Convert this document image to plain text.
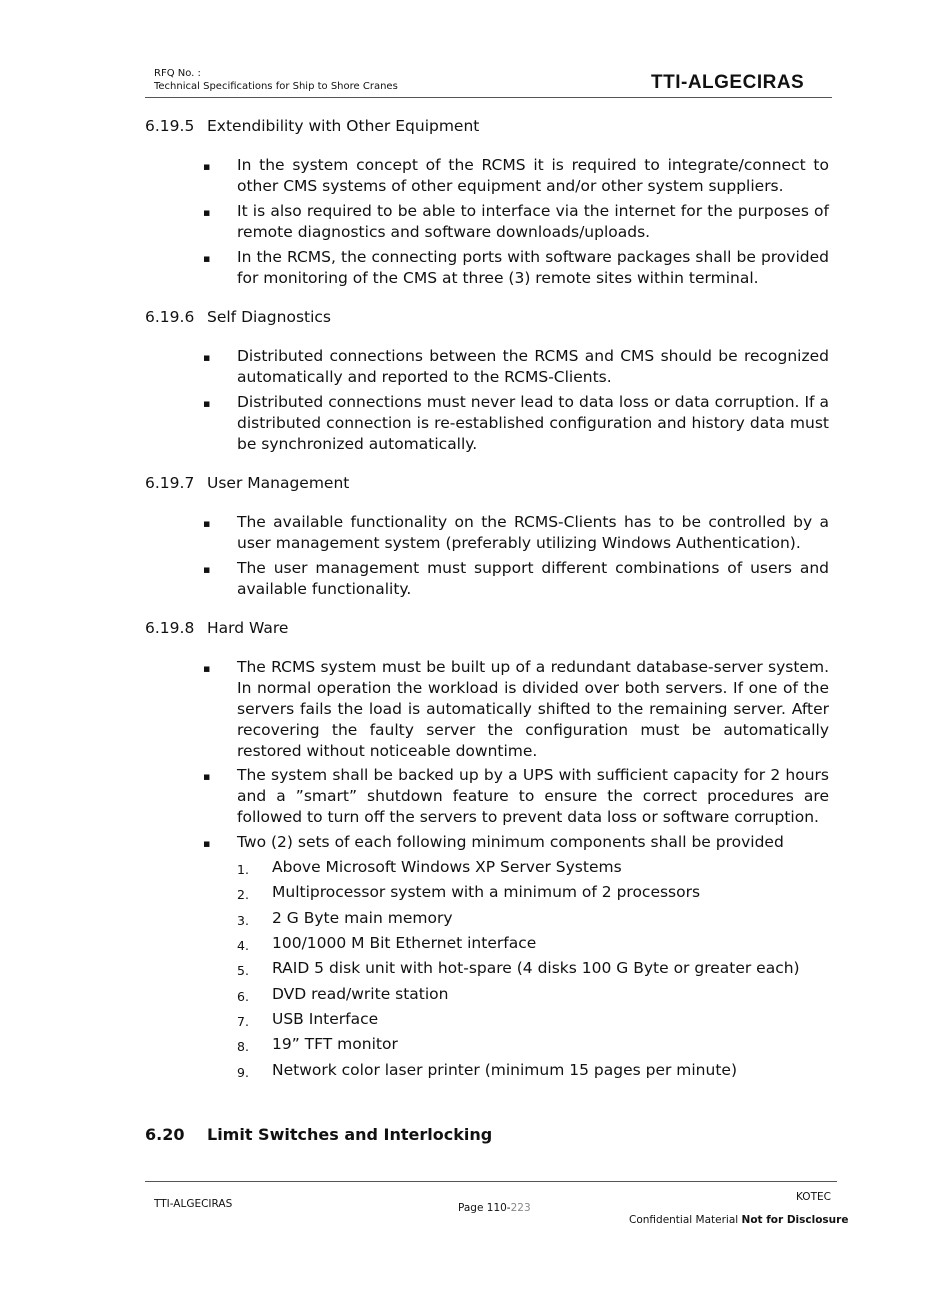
RFQ No. :
Technical Specifications for Ship to Shore Cranes	TTI-ALGECIRAS
6.19.5 Extendibility with Other Equipment
▪ In the system concept of the RCMS it is required to integrate/connect to other CMS systems of other equipment and/or other system suppliers.
▪ It is also required to be able to interface via the internet for the purposes of remote diagnostics and software downloads/uploads.
▪ In the RCMS, the connecting ports with software packages shall be provided for monitoring of the CMS at three (3) remote sites within terminal.
6.19.6 Self Diagnostics
▪ Distributed connections between the RCMS and CMS should be recognized automatically and reported to the RCMS-Clients.
▪ Distributed connections must never lead to data loss or data corruption. If a distributed connection is re-established configuration and history data must be synchronized automatically.
6.19.7 User Management
▪ The available functionality on the RCMS-Clients has to be controlled by a user management system (preferably utilizing Windows Authentication).
▪ The user management must support different combinations of users and available functionality.
6.19.8 Hard Ware
▪ The RCMS system must be built up of a redundant database-server system. In normal operation the workload is divided over both servers. If one of the servers fails the load is automatically shifted to the remaining server. After recovering the faulty server the configuration must be automatically restored without noticeable downtime.
▪ The system shall be backed up by a UPS with sufficient capacity for 2 hours and a ”smart” shutdown feature to ensure the correct procedures are followed to turn off the servers to prevent data loss or software corruption.
▪ Two (2) sets of each following minimum components shall be provided
1. Above Microsoft Windows XP Server Systems
2. Multiprocessor system with a minimum of 2 processors
3. 2 G Byte main memory
4. 100/1000 M Bit Ethernet interface
5. RAID 5 disk unit with hot-spare (4 disks 100 G Byte or greater each)
6. DVD read/write station
7. USB Interface
8. 19” TFT monitor
9. Network color laser printer (minimum 15 pages per minute)
6.20 Limit Switches and Interlocking
TTI-ALGECIRAS	Page 110-223
KOTEC
Confidential Material Not for Disclosure
